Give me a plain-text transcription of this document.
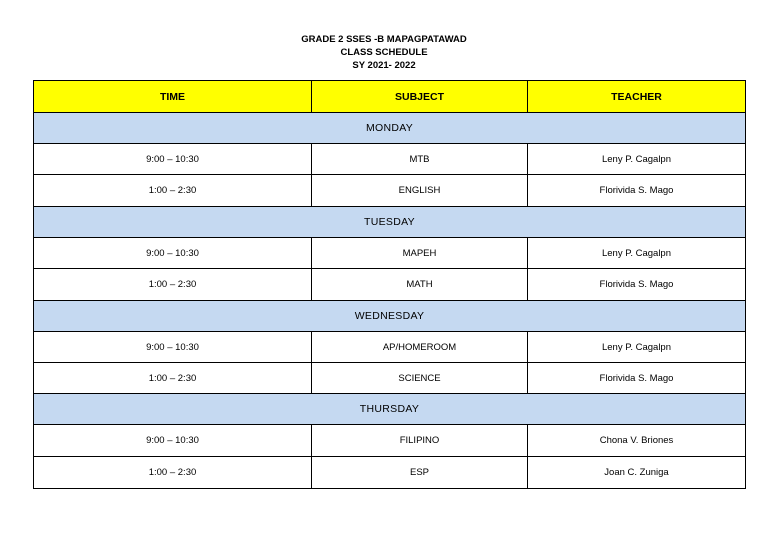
GRADE 2 SSES -B MAPAGPATAWAD
CLASS SCHEDULE
SY 2021- 2022
TIME	SUBJECT	TEACHER
MONDAY		
9:00 – 10:30	MTB	Leny P. Cagalpn
1:00 – 2:30	ENGLISH	Florivida S. Mago
TUESDAY		
9:00 – 10:30	MAPEH	Leny P. Cagalpn
1:00 – 2:30	MATH	Florivida S. Mago
WEDNESDAY		
9:00 – 10:30	AP/HOMEROOM	Leny P. Cagalpn
1:00 – 2:30	SCIENCE	Florivida S. Mago
THURSDAY		
9:00 – 10:30	FILIPINO	Chona V. Briones
1:00 – 2:30	ESP	Joan C. Zuniga
